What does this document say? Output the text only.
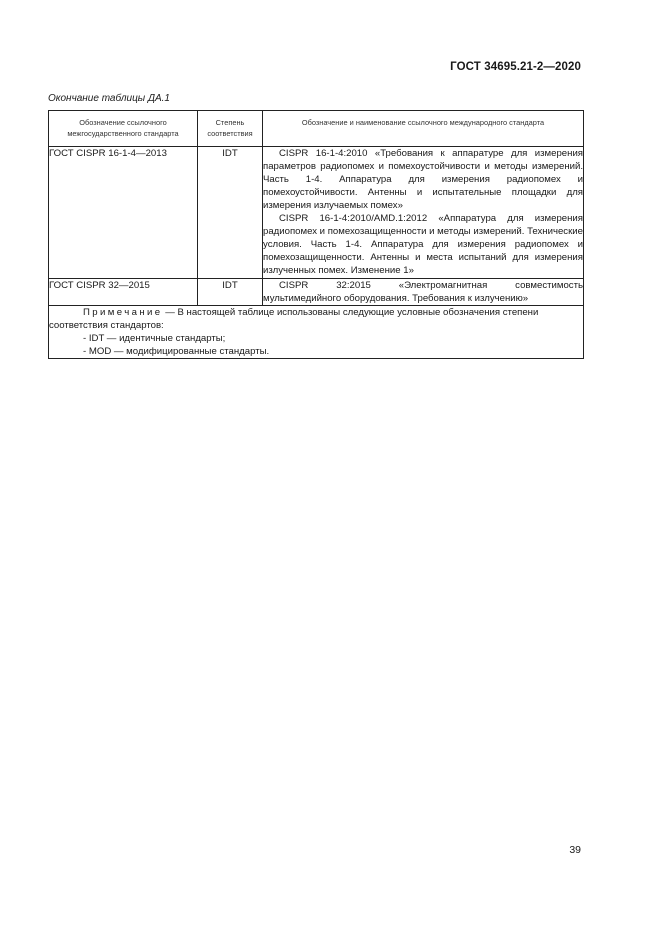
ГОСТ 34695.21-2—2020
Окончание таблицы ДА.1
Обозначение ссылочного межгосударственного стандарта	Степень соответствия	Обозначение и наименование ссылочного международного стандарта
ГОСТ CISPR 16-1-4—2013	IDT	CISPR 16-1-4:2010 «Требования к аппаратуре для измерения параметров радиопомех и помехоустойчивости и методы измерений. Часть 1-4. Аппаратура для измерения радиопомех и помехоустойчивости. Антенны и испытательные площадки для измерения излучаемых помех»

CISPR 16-1-4:2010/AMD.1:2012 «Аппаратура для измерения радиопомех и помехозащищенности и методы измерений. Технические условия. Часть 1-4. Аппаратура для измерения радиопомех и помехозащищенности. Антенны и места испытаний для измерения излученных помех. Изменение 1»

ГОСТ CISPR 32—2015	IDT	CISPR 32:2015 «Электромагнитная совместимость мультимедийного оборудования. Требования к излучению»

Примечание — В настоящей таблице использованы следующие условные обозначения степени соответствия стандартов:

- IDT — идентичные стандарты;

- MOD — модифицированные стандарты.		

39
